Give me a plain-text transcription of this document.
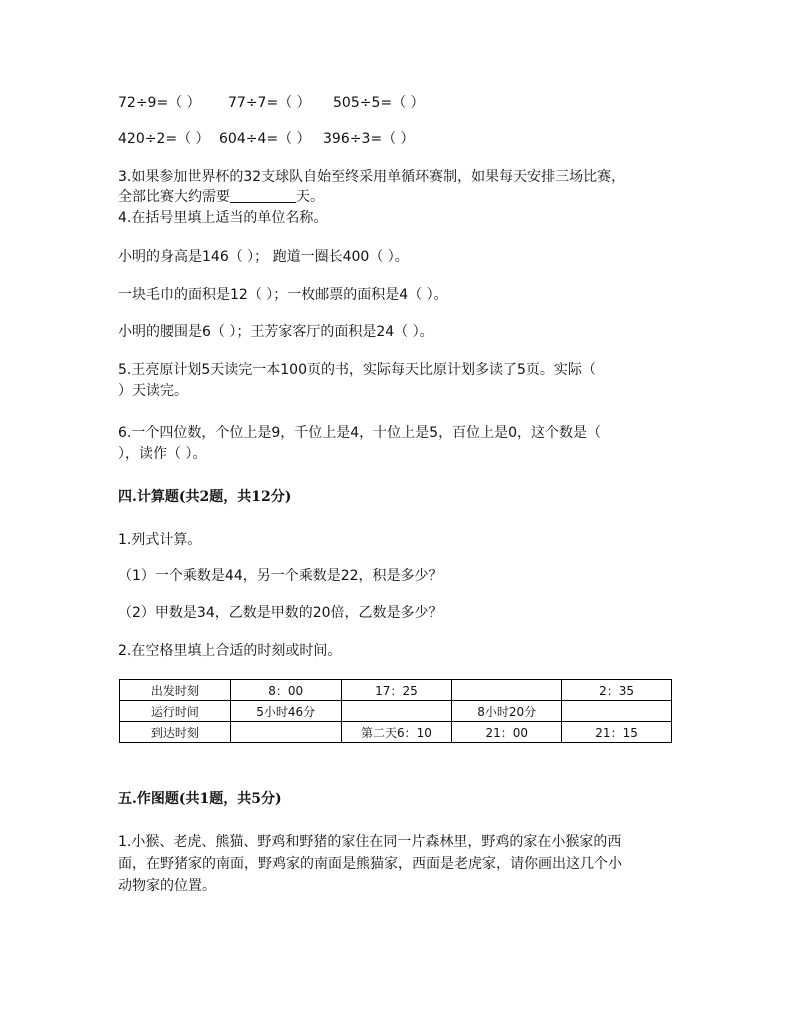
72÷9=（ ）	77÷7=（ ） 505÷5=（ ）
420÷2=（ ） 604÷4=（ ） 396÷3=（ ）
3.如果参加世界杯的32支球队自始至终采用单循环赛制，如果每天安排三场比赛，
全部比赛大约需要	天。
4.在括号里填上适当的单位名称。
小明的身高是146（ ）； 跑道一圈长400（ ）。
一块毛巾的面积是12（ ）；一枚邮票的面积是4（ ）。
小明的腰围是6（ ）；王芳家客厅的面积是24（ ）。
5.王亮原计划5天读完一本100页的书，实际每天比原计划多读了5页。实际（
）天读完。
6.一个四位数，个位上是9，千位上是4，十位上是5，百位上是0，这个数是（
），读作（ ）。
四.计算题(共2题，共12分)
1.列式计算。
（1）一个乘数是44，另一个乘数是22，积是多少？
（2）甲数是34，乙数是甲数的20倍，乙数是多少？
2.在空格里填上合适的时刻或时间。
出发时刻	8：00	17：25		2：35
运行时间	5小时46分		8小时20分	
到达时刻		第二天6：10	21：00	21：15
五.作图题(共1题，共5分)
1.小猴、老虎、熊猫、野鸡和野猪的家住在同一片森林里，野鸡的家在小猴家的西
面，在野猪家的南面，野鸡家的南面是熊猫家，西面是老虎家，请你画出这几个小
动物家的位置。
